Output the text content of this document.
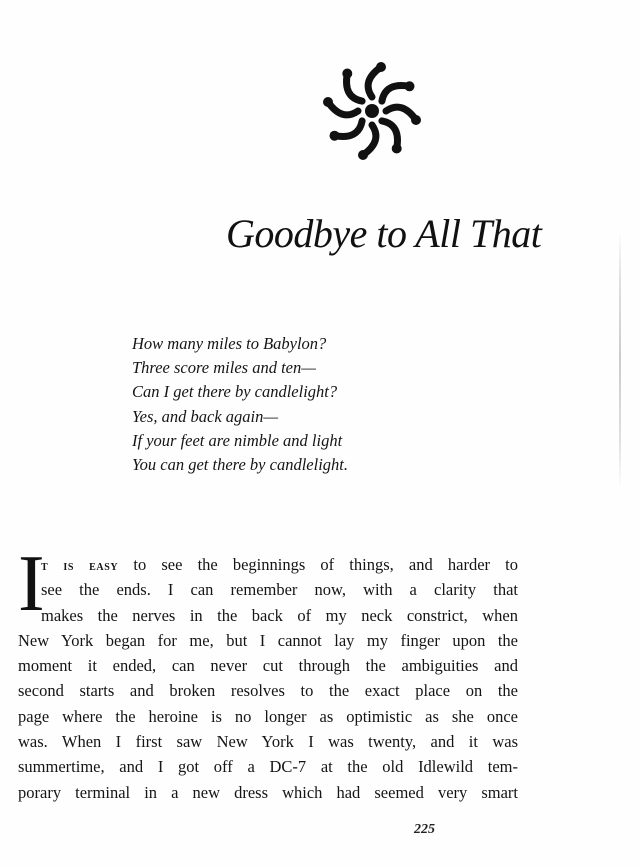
Goodbye to All That
How many miles to Babylon?
Three score miles and ten—
Can I get there by candlelight?
Yes, and back again—
If your feet are nimble and light
You can get there by candlelight.
I
t is easy to see the beginnings of things, and harder to
see the ends. I can remember now, with a clarity that
makes the nerves in the back of my neck constrict, when
New York began for me, but I cannot lay my finger upon the
moment it ended, can never cut through the ambiguities and
second starts and broken resolves to the exact place on the
page where the heroine is no longer as optimistic as she once
was. When I first saw New York I was twenty, and it was
summertime, and I got off a DC-7 at the old Idlewild tem-
porary terminal in a new dress which had seemed very smart
225
